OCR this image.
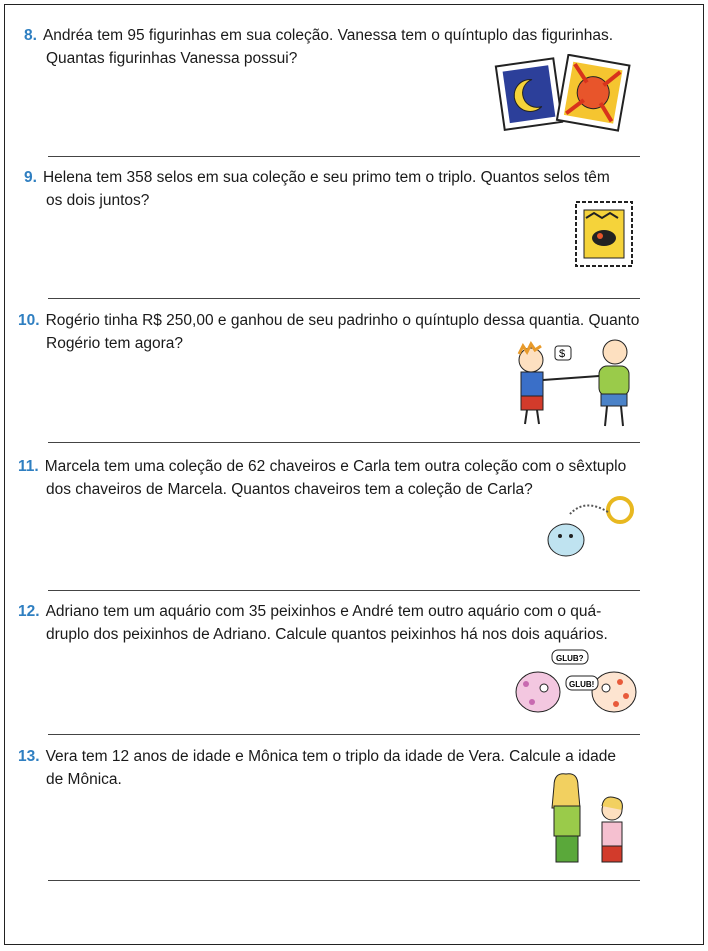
8. Andréa tem 95 figurinhas em sua coleção. Vanessa tem o quíntuplo das figurinhas.
Quantas figurinhas Vanessa possui?
9. Helena tem 358 selos em sua coleção e seu primo tem o triplo. Quantos selos têm
os dois juntos?
10. Rogério tinha R$ 250,00 e ganhou de seu padrinho o quíntuplo dessa quantia. Quanto
Rogério tem agora?
$
11. Marcela tem uma coleção de 62 chaveiros e Carla tem outra coleção com o sêxtuplo
dos chaveiros de Marcela. Quantos chaveiros tem a coleção de Carla?
12. Adriano tem um aquário com 35 peixinhos e André tem outro aquário com o quá-
druplo dos peixinhos de Adriano. Calcule quantos peixinhos há nos dois aquários.
GLUB?
GLUB!
13. Vera tem 12 anos de idade e Mônica tem o triplo da idade de Vera. Calcule a idade
de Mônica.
